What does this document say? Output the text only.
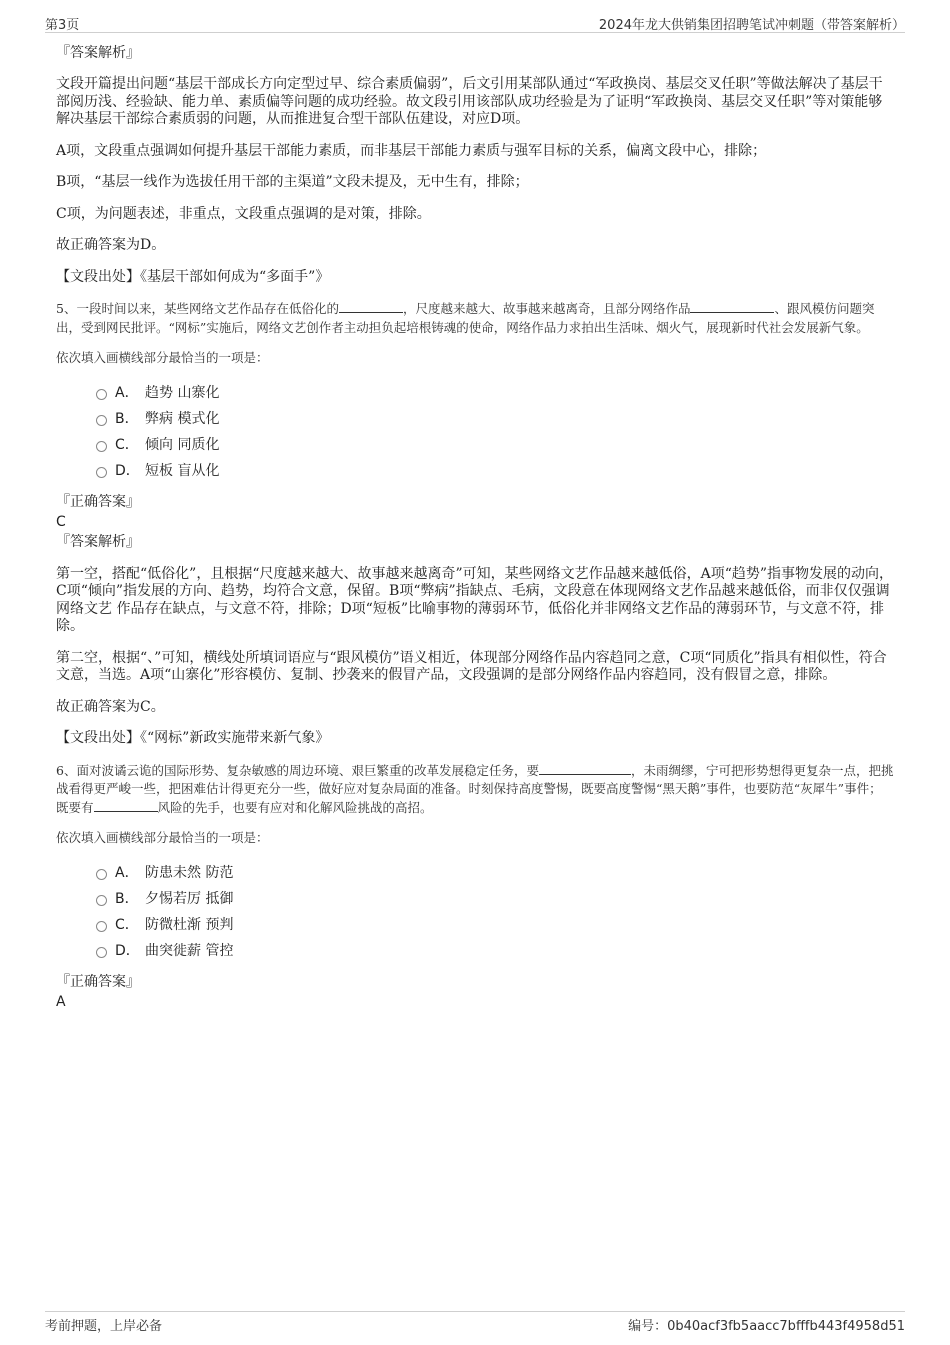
第3页	2024年龙大供销集团招聘笔试冲刺题（带答案解析）
『答案解析』
文段开篇提出问题“基层干部成长方向定型过早、综合素质偏弱”，后文引用某部队通过“军政换岗、基层交叉任职”等做法解决了基层干部阅历浅、经验缺、能力单、素质偏等问题的成功经验。故文段引用该部队成功经验是为了证明“军政换岗、基层交叉任职”等对策能够解决基层干部综合素质弱的问题，从而推进复合型干部队伍建设，对应D项。
A项，文段重点强调如何提升基层干部能力素质，而非基层干部能力素质与强军目标的关系，偏离文段中心，排除；
B项，“基层一线作为选拔任用干部的主渠道”文段未提及，无中生有，排除；
C项，为问题表述，非重点，文段重点强调的是对策，排除。
故正确答案为D。
【文段出处】《基层干部如何成为“多面手”》
5、一段时间以来，某些网络文艺作品存在低俗化的	，尺度越来越大、故事越来越离奇，且部分网络作品	、跟风模仿问题突出，受到网民批评。“网标”实施后，网络文艺创作者主动担负起培根铸魂的使命，网络作品力求拍出生活味、烟火气，展现新时代社会发展新气象。
依次填入画横线部分最恰当的一项是：
A． 趋势 山寨化
B． 弊病 模式化
C． 倾向 同质化
D． 短板 盲从化
『正确答案』
C
『答案解析』
第一空，搭配“低俗化”，且根据“尺度越来越大、故事越来越离奇”可知，某些网络文艺作品越来越低俗，A项“趋势”指事物发展的动向，C项“倾向”指发展的方向、趋势，均符合文意，保留。B项“弊病”指缺点、毛病，文段意在体现网络文艺作品越来越低俗，而非仅仅强调 网络文艺 作品存在缺点，与文意不符，排除；D项“短板”比喻事物的薄弱环节，低俗化并非网络文艺作品的薄弱环节，与文意不符，排除。
第二空，根据“、”可知，横线处所填词语应与“跟风模仿”语义相近，体现部分网络作品内容趋同之意，C项“同质化”指具有相似性，符合文意，当选。A项“山寨化”形容模仿、复制、抄袭来的假冒产品，文段强调的是部分网络作品内容趋同，没有假冒之意，排除。
故正确答案为C。
【文段出处】《“网标”新政实施带来新气象》
6、面对波谲云诡的国际形势、复杂敏感的周边环境、艰巨繁重的改革发展稳定任务，要	，未雨绸缪，宁可把形势想得更复杂一点，把挑战看得更严峻一些，把困难估计得更充分一些，做好应对复杂局面的准备。时刻保持高度警惕，既要高度警惕“黑天鹅”事件，也要防范“灰犀牛”事件；既要有	风险的先手，也要有应对和化解风险挑战的高招。
依次填入画横线部分最恰当的一项是：
A． 防患未然 防范
B． 夕惕若厉 抵御
C． 防微杜渐 预判
D． 曲突徙薪 管控
『正确答案』
A
考前押题，上岸必备	编号：0b40acf3fb5aacc7bfffb443f4958d51
